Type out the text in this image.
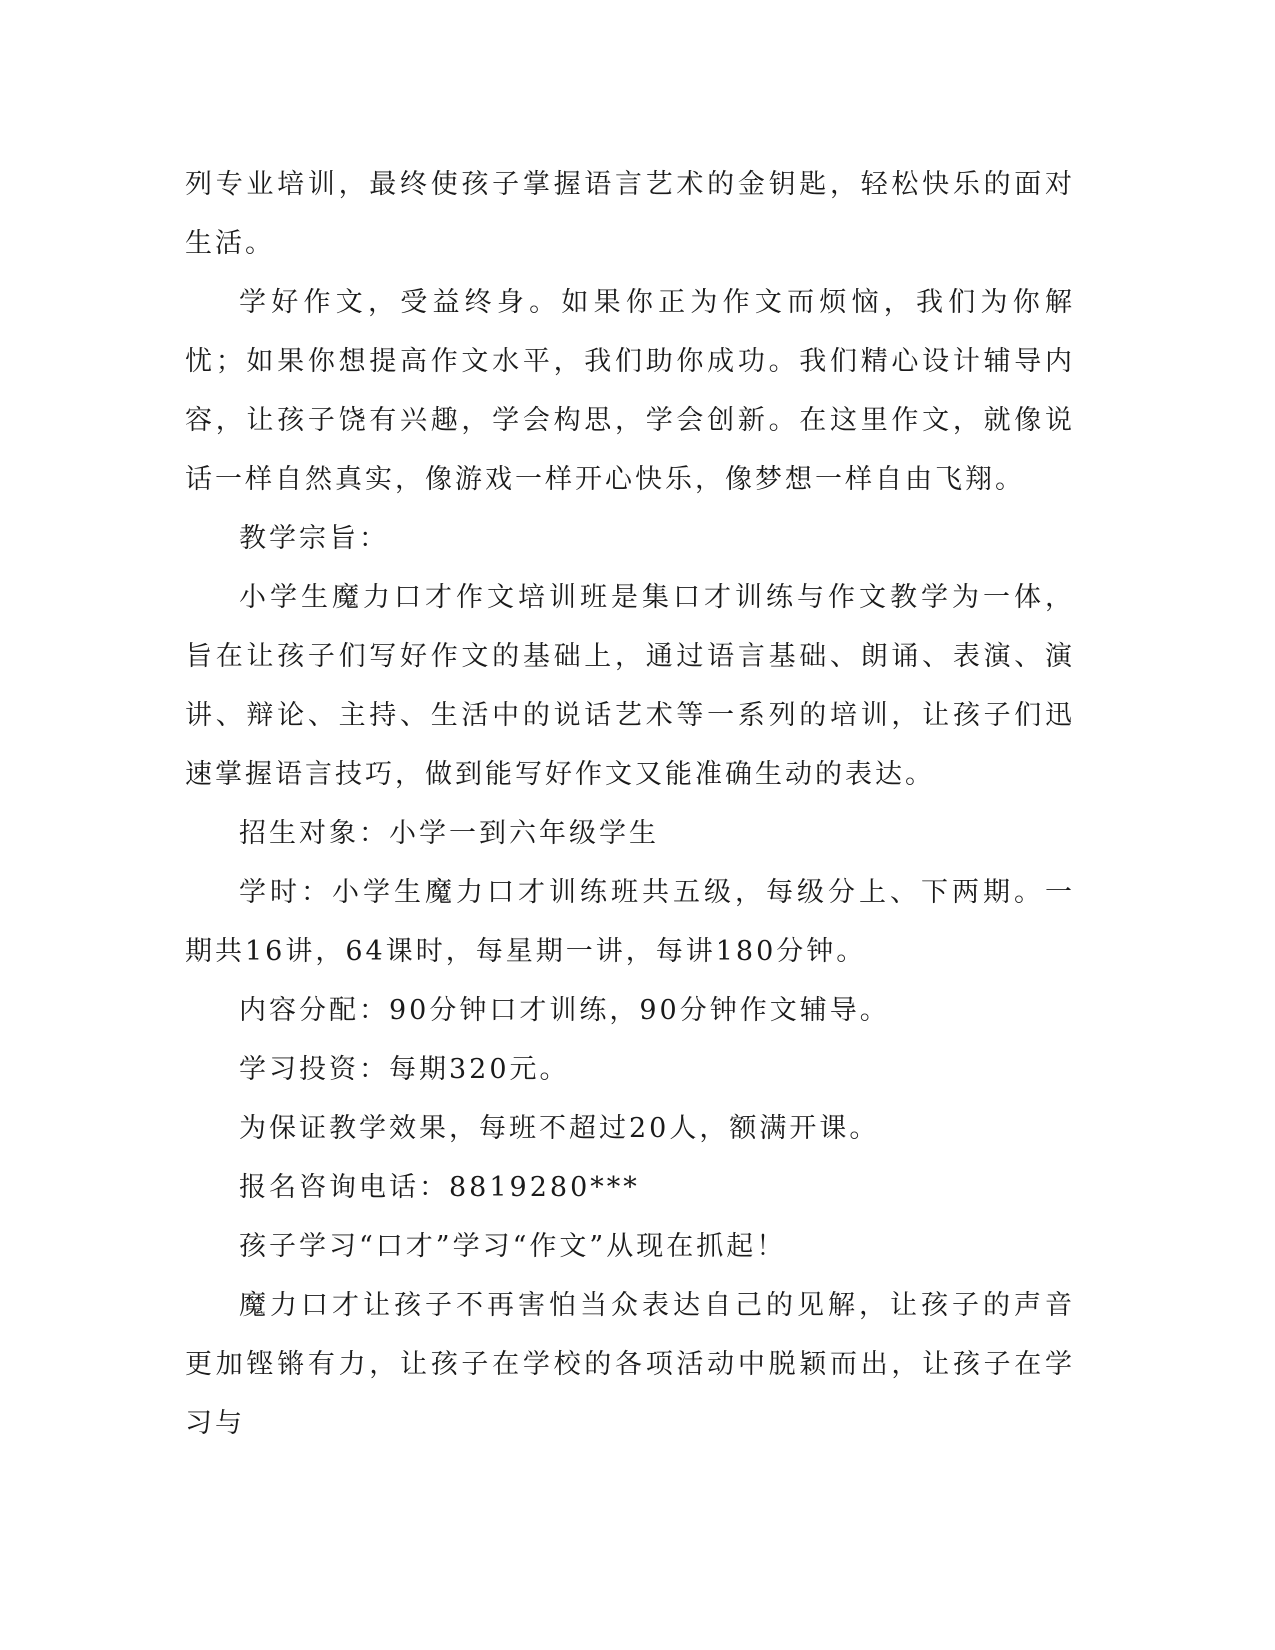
列专业培训，最终使孩子掌握语言艺术的金钥匙，轻松快乐的面对生活。

学好作文，受益终身。如果你正为作文而烦恼，我们为你解忧；如果你想提高作文水平，我们助你成功。我们精心设计辅导内容，让孩子饶有兴趣，学会构思，学会创新。在这里作文，就像说话一样自然真实，像游戏一样开心快乐，像梦想一样自由飞翔。

教学宗旨：

小学生魔力口才作文培训班是集口才训练与作文教学为一体，旨在让孩子们写好作文的基础上，通过语言基础、朗诵、表演、演讲、辩论、主持、生活中的说话艺术等一系列的培训，让孩子们迅速掌握语言技巧，做到能写好作文又能准确生动的表达。

招生对象：小学一到六年级学生

学时：小学生魔力口才训练班共五级，每级分上、下两期。一期共16讲，64课时，每星期一讲，每讲180分钟。

内容分配：90分钟口才训练，90分钟作文辅导。

学习投资：每期320元。

为保证教学效果，每班不超过20人，额满开课。

报名咨询电话：8819280***

孩子学习“口才”学习“作文”从现在抓起！

魔力口才让孩子不再害怕当众表达自己的见解，让孩子的声音更加铿锵有力，让孩子在学校的各项活动中脱颖而出，让孩子在学习与
